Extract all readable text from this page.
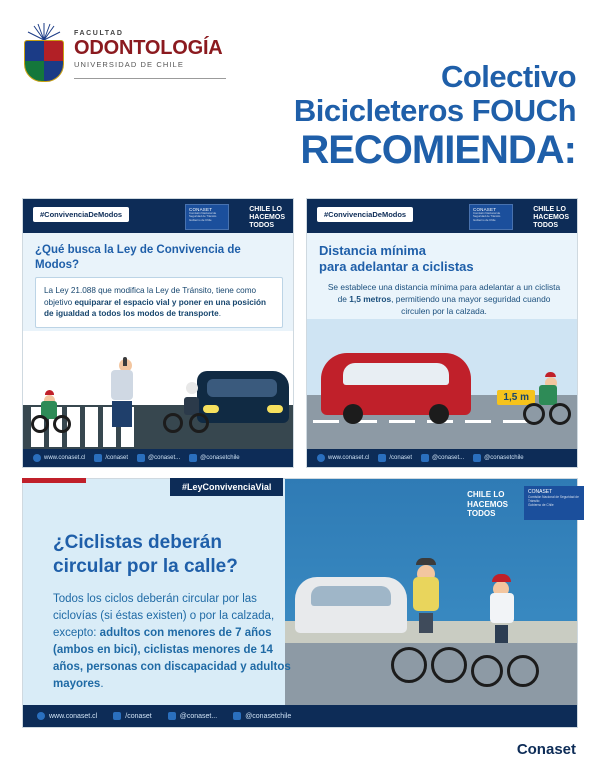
FACULTAD
ODONTOLOGÍA
UNIVERSIDAD DE CHILE	Colectivo
Bicicleteros FOUCh
RECOMIENDA:
#ConvivenciaDeModos
CONASET
Comisión Nacional de Seguridad de Tránsito
Gobierno de Chile
CHILE LO
HACEMOS
TODOS
¿Qué busca la Ley de Convivencia de Modos?
La Ley 21.088 que modifica la Ley de Tránsito, tiene como objetivo equiparar el espacio vial y poner en una posición de igualdad a todos los modos de transporte.
www.conaset.cl	/conaset	@conaset...	@conasetchile
#ConvivenciaDeModos
CONASET
Comisión Nacional de Seguridad de Tránsito
Gobierno de Chile
CHILE LO
HACEMOS
TODOS
Distancia mínima
para adelantar a ciclistas
Se establece una distancia mínima para adelantar a un ciclista de 1,5 metros, permitiendo una mayor seguridad cuando circulen por la calzada.
1,5 m
www.conaset.cl	/conaset	@conaset...	@conasetchile
¿Ciclistas deberán
circular por la calle?
Todos los ciclos deberán circular por las ciclovías (si éstas existen) o por la calzada, excepto: adultos con menores de 7 años (ambos en bici), ciclistas menores de 14 años, personas con discapacidad y adultos mayores.
www.conaset.cl	/conaset	@conaset...	@conasetchile
#LeyConvivenciaVial
CHILE LO
HACEMOS
TODOS
CONASET
Comisión Nacional de Seguridad de Tránsito
Gobierno de Chile
Conaset
